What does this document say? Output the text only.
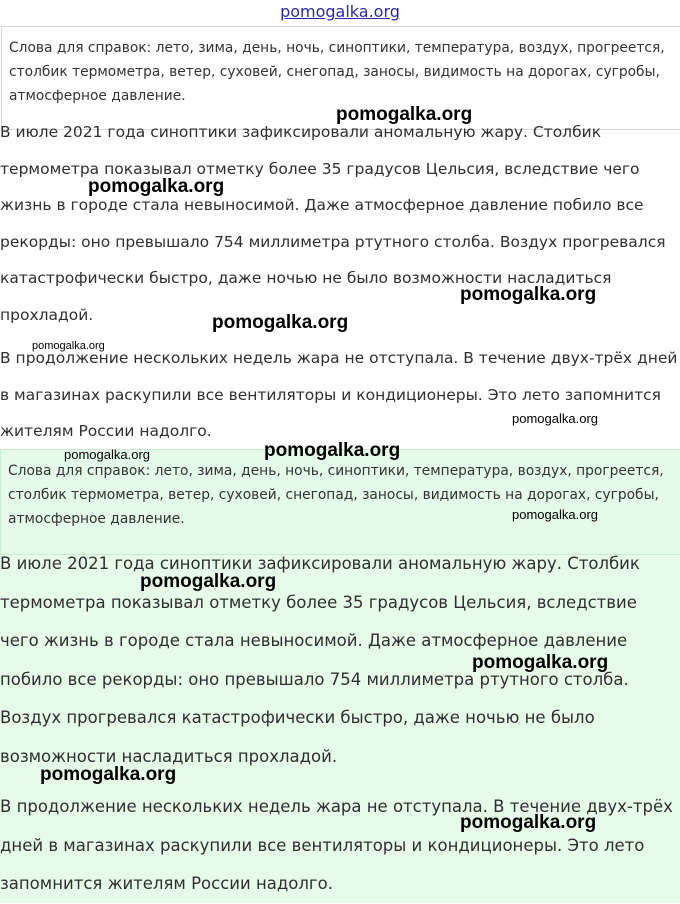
pomogalka.org
Слова для справок: лето, зима, день, ночь, синоптики, температура, воздух, прогреется, столбик термометра, ветер, суховей, снегопад, заносы, видимость на дорогах, сугробы, атмосферное давление.

В июле 2021 года синоптики зафиксировали аномальную жару. Столбик термометра показывал отметку более 35 градусов Цельсия, вследствие чего жизнь в городе стала невыносимой. Даже атмосферное давление побило все рекорды: оно превышало 754 миллиметра ртутного столба. Воздух прогревался катастрофически быстро, даже ночью не было возможности насладиться прохладой.

В продолжение нескольких недель жара не отступала. В течение двух-трёх дней в магазинах раскупили все вентиляторы и кондиционеры. Это лето запомнится жителям России надолго.

Слова для справок: лето, зима, день, ночь, синоптики, температура, воздух, прогреется, столбик термометра, ветер, суховей, снегопад, заносы, видимость на дорогах, сугробы, атмосферное давление.

В июле 2021 года синоптики зафиксировали аномальную жару. Столбик термометра показывал отметку более 35 градусов Цельсия, вследствие чего жизнь в городе стала невыносимой. Даже атмосферное давление побило все рекорды: оно превышало 754 миллиметра ртутного столба. Воздух прогревался катастрофически быстро, даже ночью не было возможности насладиться прохладой.

В продолжение нескольких недель жара не отступала. В течение двух-трёх дней в магазинах раскупили все вентиляторы и кондиционеры. Это лето запомнится жителям России надолго.

pomogalka.org
pomogalka.org
pomogalka.org
pomogalka.org
pomogalka.org
pomogalka.org
pomogalka.org
pomogalka.org
pomogalka.org
pomogalka.org
pomogalka.org
pomogalka.org
pomogalka.org
